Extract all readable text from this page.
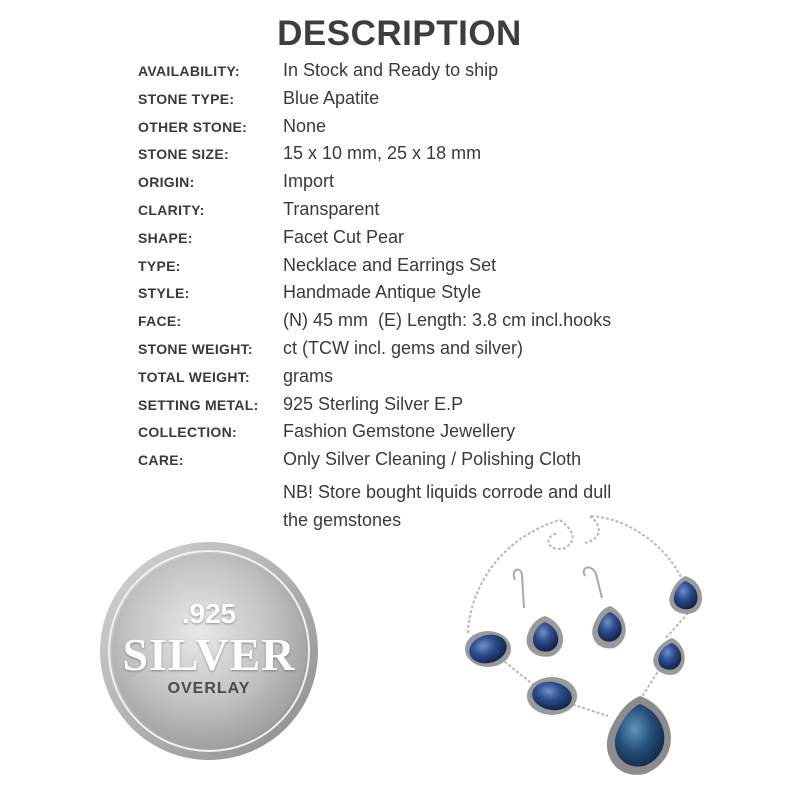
DESCRIPTION
AVAILABILITY:	In Stock and Ready to ship
STONE TYPE:	Blue Apatite
OTHER STONE:	None
STONE SIZE:	15 x 10 mm, 25 x 18 mm
ORIGIN:	Import
CLARITY:	Transparent
SHAPE:	Facet Cut Pear
TYPE:	Necklace and Earrings Set
STYLE:	Handmade Antique Style
FACE:	(N) 45 mm  (E) Length: 3.8 cm incl.hooks
STONE WEIGHT:	ct (TCW incl. gems and silver)
TOTAL WEIGHT:	grams
SETTING METAL:	925 Sterling Silver E.P
COLLECTION:	Fashion Gemstone Jewellery
CARE:	Only Silver Cleaning / Polishing Cloth
NB! Store bought liquids corrode and dull
the gemstones
.925
SILVER
OVERLAY
